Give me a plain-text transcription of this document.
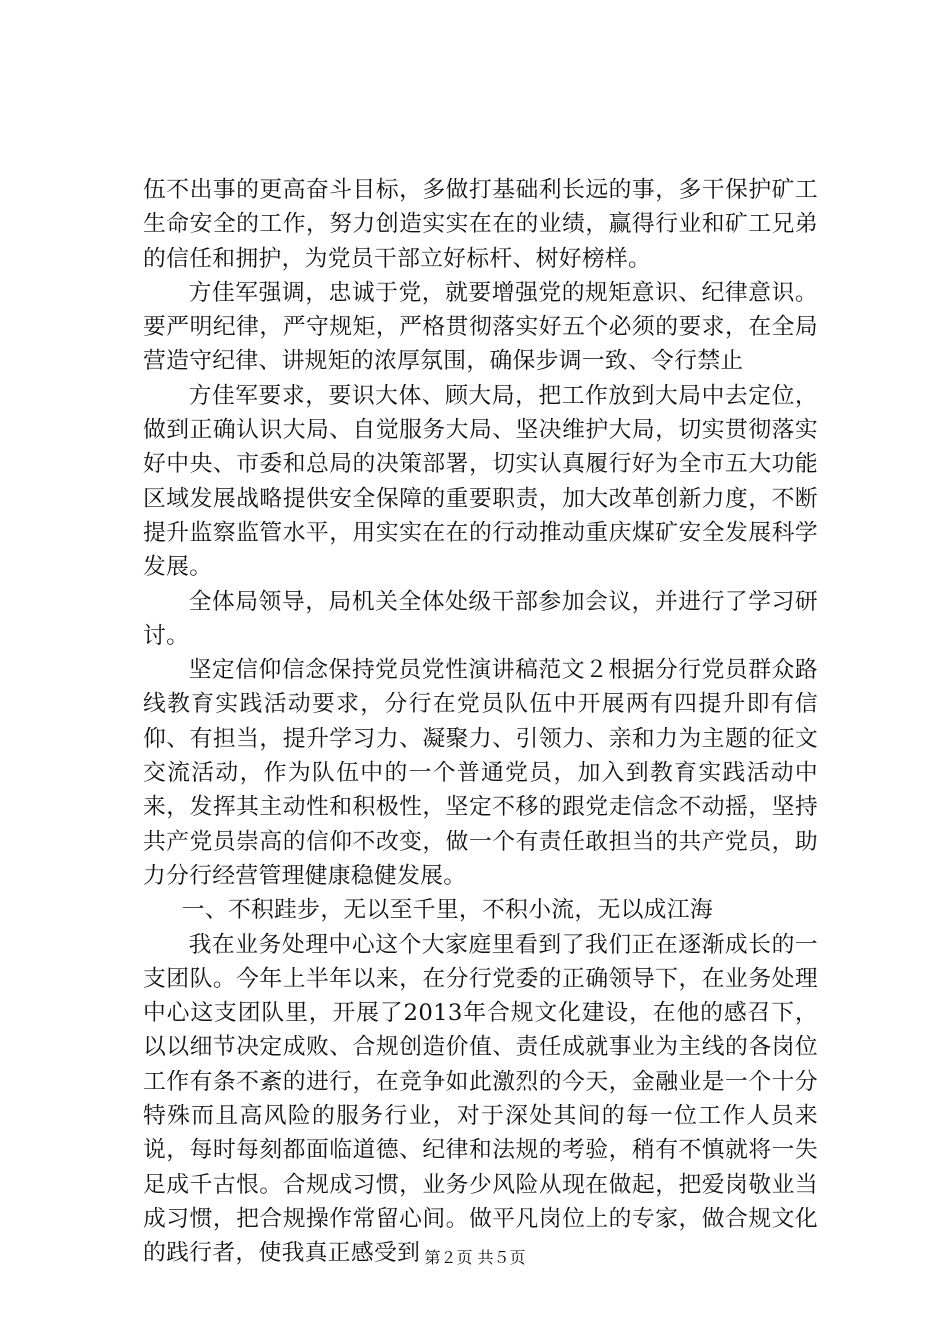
伍不出事的更高奋斗目标，多做打基础利长远的事，多干保护矿工生命安全的工作，努力创造实实在在的业绩，赢得行业和矿工兄弟的信任和拥护，为党员干部立好标杆、树好榜样。

方佳军强调，忠诚于党，就要增强党的规矩意识、纪律意识。要严明纪律，严守规矩，严格贯彻落实好五个必须的要求，在全局营造守纪律、讲规矩的浓厚氛围，确保步调一致、令行禁止

方佳军要求，要识大体、顾大局，把工作放到大局中去定位，做到正确认识大局、自觉服务大局、坚决维护大局，切实贯彻落实好中央、市委和总局的决策部署，切实认真履行好为全市五大功能区域发展战略提供安全保障的重要职责，加大改革创新力度，不断提升监察监管水平，用实实在在的行动推动重庆煤矿安全发展科学发展。

全体局领导，局机关全体处级干部参加会议，并进行了学习研讨。

坚定信仰信念保持党员党性演讲稿范文２根据分行党员群众路线教育实践活动要求，分行在党员队伍中开展两有四提升即有信仰、有担当，提升学习力、凝聚力、引领力、亲和力为主题的征文交流活动，作为队伍中的一个普通党员，加入到教育实践活动中来，发挥其主动性和积极性，坚定不移的跟党走信念不动摇，坚持共产党员崇高的信仰不改变，做一个有责任敢担当的共产党员，助力分行经营管理健康稳健发展。

一、不积跬步，无以至千里，不积小流，无以成江海

我在业务处理中心这个大家庭里看到了我们正在逐渐成长的一支团队。今年上半年以来，在分行党委的正确领导下，在业务处理中心这支团队里，开展了2013年合规文化建设，在他的感召下，以以细节决定成败、合规创造价值、责任成就事业为主线的各岗位工作有条不紊的进行，在竞争如此激烈的今天，金融业是一个十分特殊而且高风险的服务行业，对于深处其间的每一位工作人员来说，每时每刻都面临道德、纪律和法规的考验，稍有不慎就将一失足成千古恨。合规成习惯，业务少风险从现在做起，把爱岗敬业当成习惯，把合规操作常留心间。做平凡岗位上的专家，做合规文化的践行者，使我真正感受到 第２页 共５页
